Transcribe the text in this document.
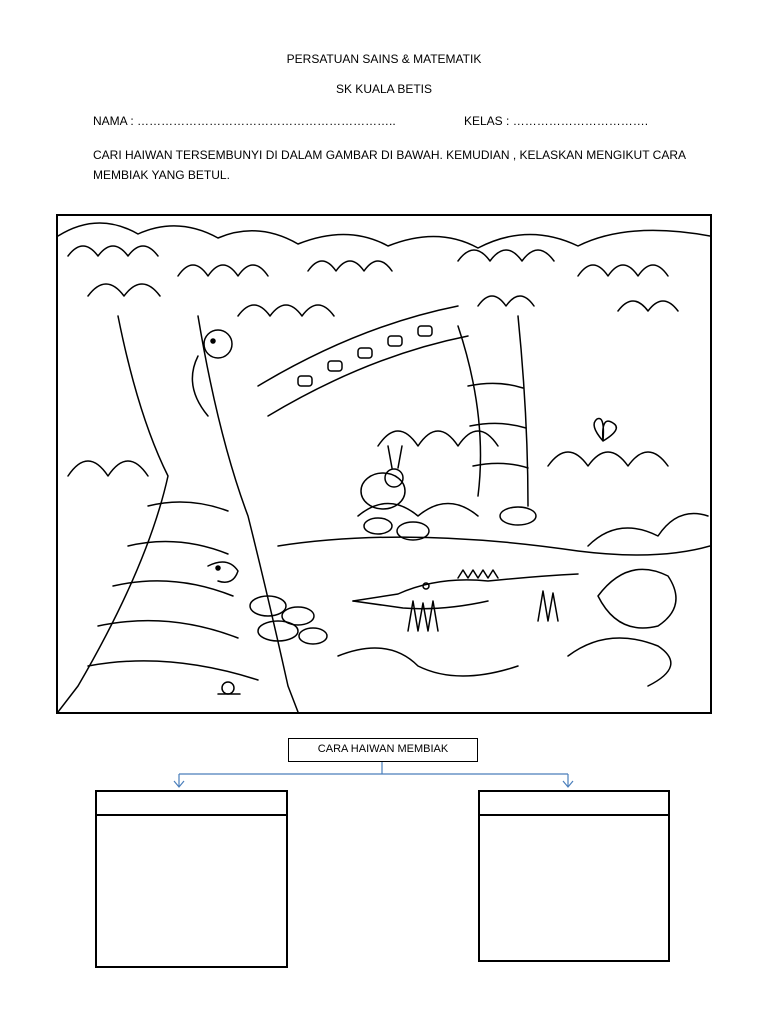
PERSATUAN SAINS & MATEMATIK
SK KUALA BETIS
NAMA : ………………………………………………………..	KELAS : …………………………….
CARI HAIWAN TERSEMBUNYI DI DALAM GAMBAR DI BAWAH. KEMUDIAN , KELASKAN MENGIKUT CARA MEMBIAK YANG BETUL.
CARA HAIWAN MEMBIAK
